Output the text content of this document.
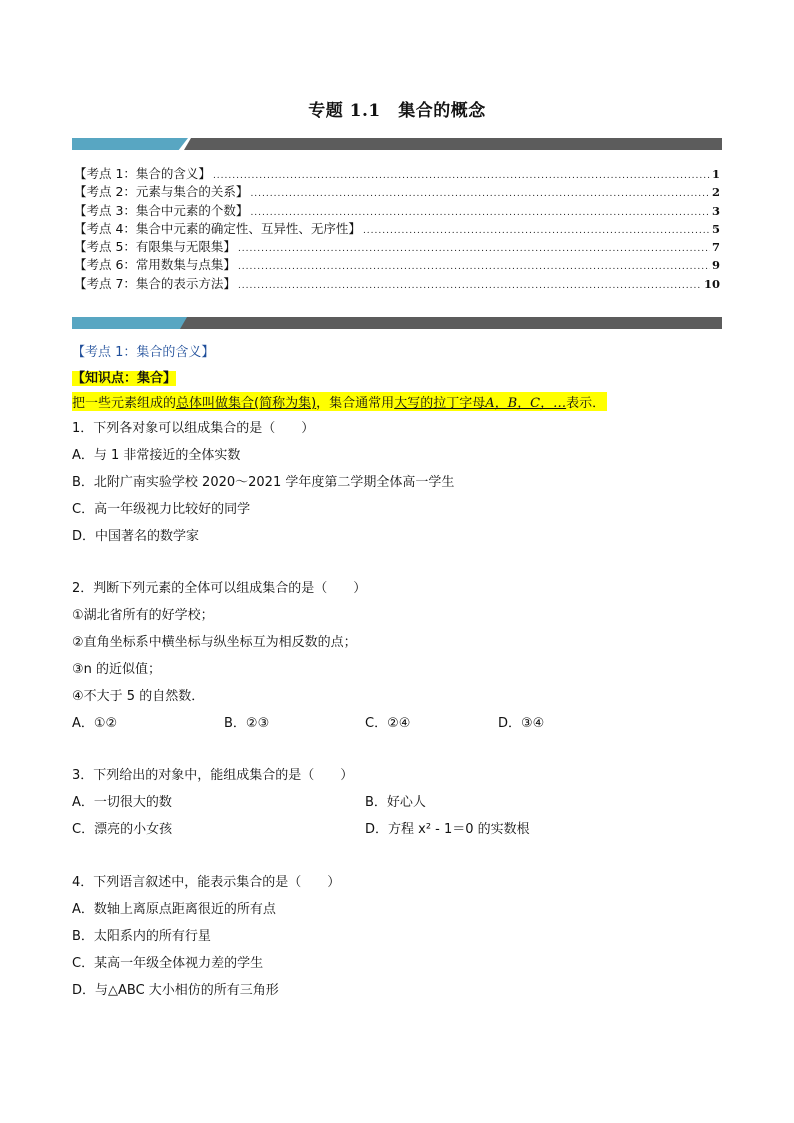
专题 1.1　集合的概念
【考点 1：集合的含义】 .....	1
【考点 2：元素与集合的关系】 .....	2
【考点 3：集合中元素的个数】 .....	3
【考点 4：集合中元素的确定性、互异性、无序性】 .....	5
【考点 5：有限集与无限集】 .....	7
【考点 6：常用数集与点集】 .....	9
【考点 7：集合的表示方法】 .....	10
【考点 1：集合的含义】
【知识点：集合】
把一些元素组成的总体叫做集合(简称为集)，集合通常用大写的拉丁字母A，B，C，…表示．
1．下列各对象可以组成集合的是（　　）
A．与 1 非常接近的全体实数
B．北附广南实验学校 2020～2021 学年度第二学期全体高一学生
C．高一年级视力比较好的同学
D．中国著名的数学家
2．判断下列元素的全体可以组成集合的是（　　）
①湖北省所有的好学校；
②直角坐标系中横坐标与纵坐标互为相反数的点；
③n 的近似值；
④不大于 5 的自然数．
A．①②	B．②③	C．②④	D．③④
3．下列给出的对象中，能组成集合的是（　　）
A．一切很大的数	B．好心人
C．漂亮的小女孩	D．方程 x² - 1＝0 的实数根
4．下列语言叙述中，能表示集合的是（　　）
A．数轴上离原点距离很近的所有点
B．太阳系内的所有行星
C．某高一年级全体视力差的学生
D．与△ABC 大小相仿的所有三角形
